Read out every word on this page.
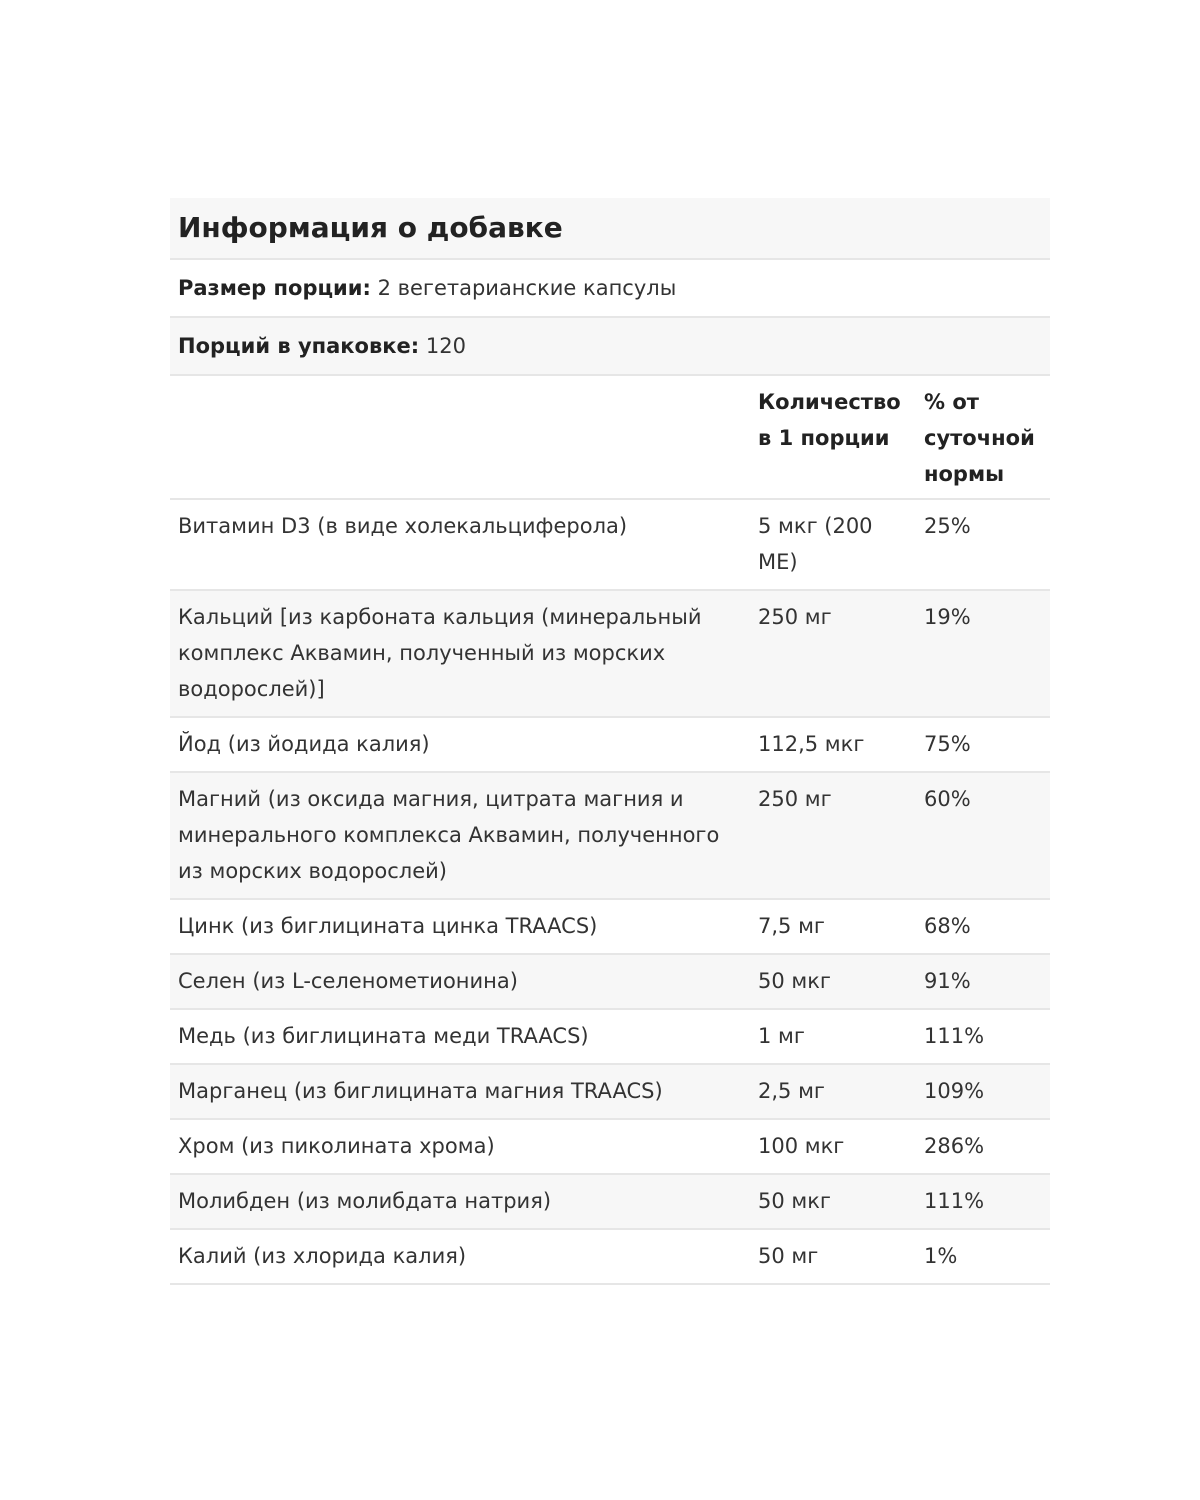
Информация о добавке		
Размер порции: 2 вегетарианские капсулы		
Порций в упаковке: 120		
	Количество в 1 порции	% от суточной нормы
Витамин D3 (в виде холекальциферола)	5 мкг (200 МЕ)	25%
Кальций [из карбоната кальция (минеральный комплекс Аквамин, полученный из морских водорослей)]	250 мг	19%
Йод (из йодида калия)	112,5 мкг	75%
Магний (из оксида магния, цитрата магния и минерального комплекса Аквамин, полученного из морских водорослей)	250 мг	60%
Цинк (из биглицината цинка TRAACS)	7,5 мг	68%
Селен (из L-селенометионина)	50 мкг	91%
Медь (из биглицината меди TRAACS)	1 мг	111%
Марганец (из биглицината магния TRAACS)	2,5 мг	109%
Хром (из пиколината хрома)	100 мкг	286%
Молибден (из молибдата натрия)	50 мкг	111%
Калий (из хлорида калия)	50 мг	1%
